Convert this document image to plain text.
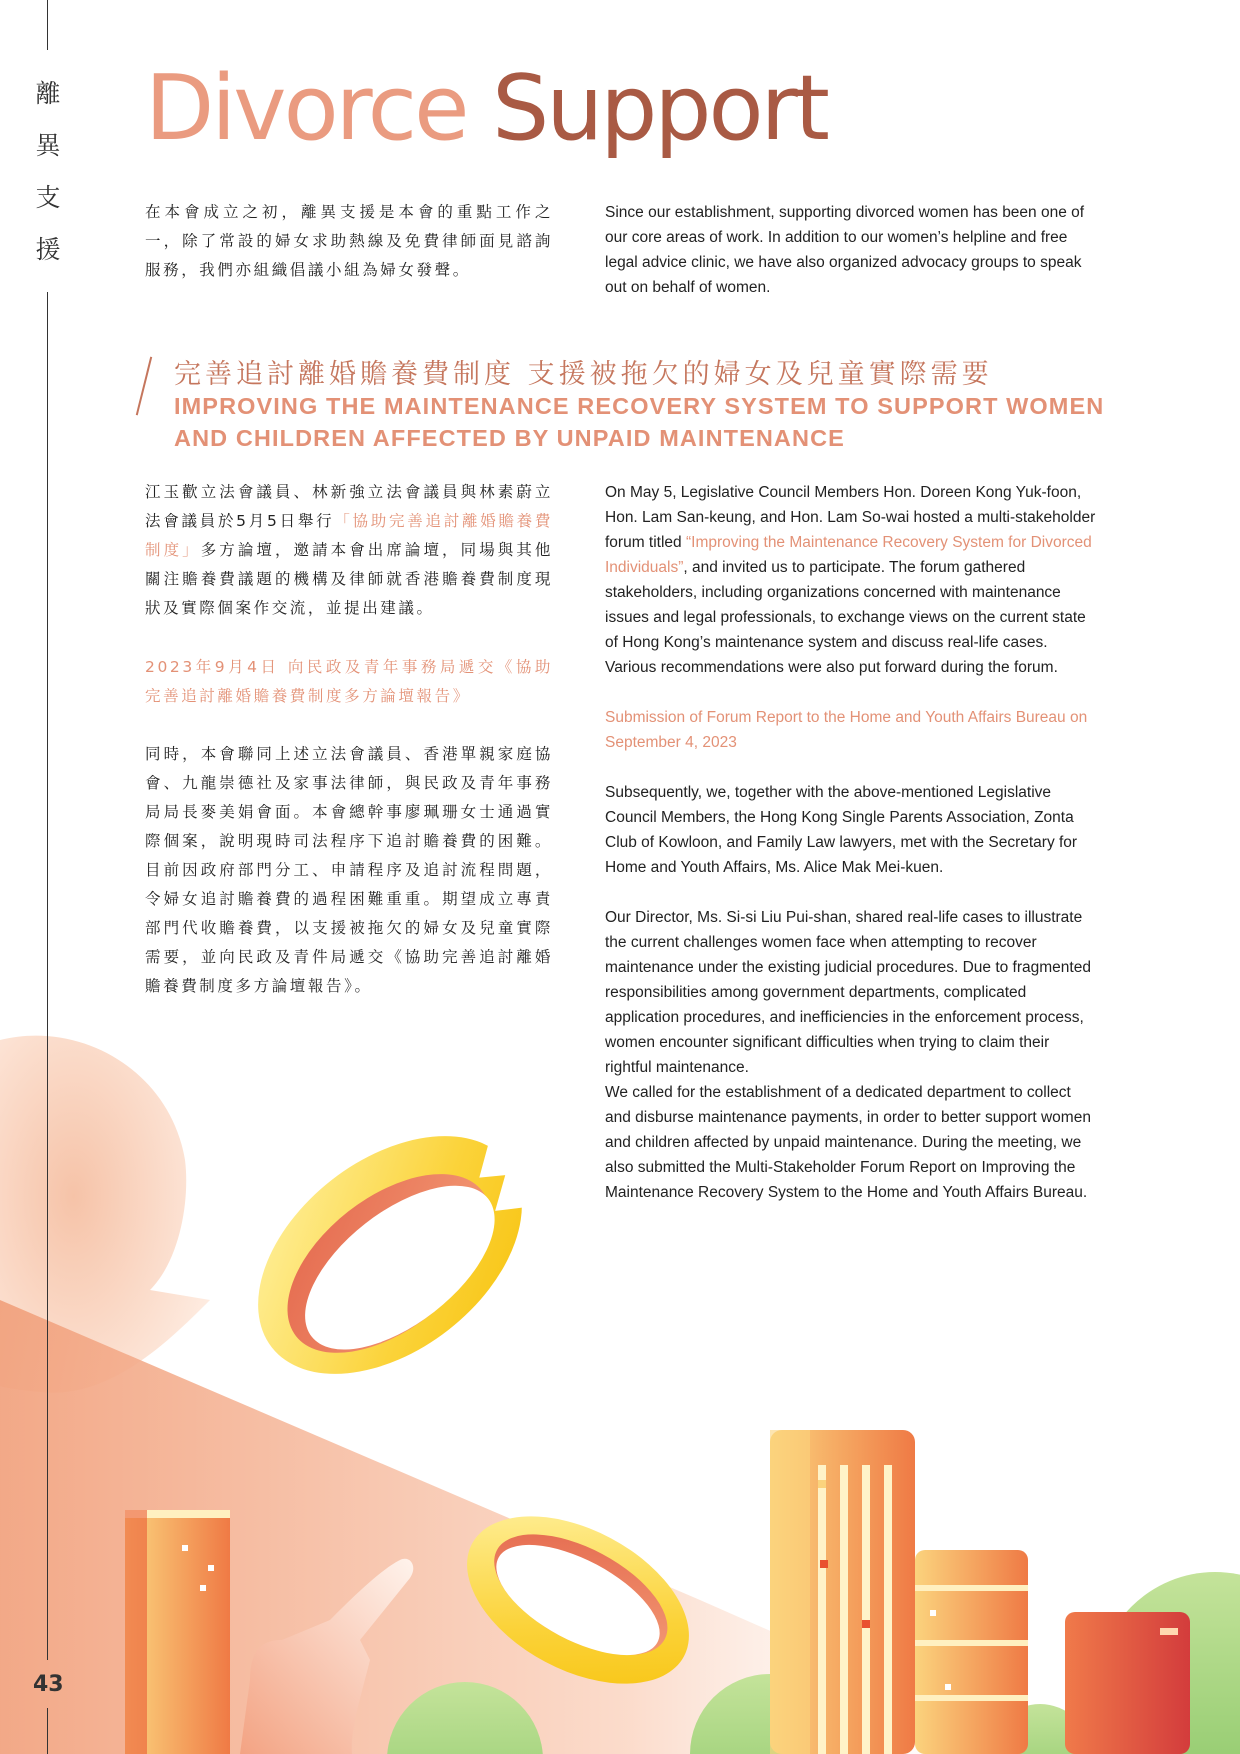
離
異
支
援
43
Divorce Support

在本會成立之初，離異支援是本會的重點工作之一，除了常設的婦女求助熱線及免費律師面見諮詢服務，我們亦組織倡議小組為婦女發聲。

Since our establishment, supporting divorced women has been one of our core areas of work. In addition to our women’s helpline and free legal advice clinic, we have also organized advocacy groups to speak out on behalf of women.

完善追討離婚贍養費制度 支援被拖欠的婦女及兒童實際需要
IMPROVING THE MAINTENANCE RECOVERY SYSTEM TO SUPPORT WOMEN AND CHILDREN AFFECTED BY UNPAID MAINTENANCE

江玉歡立法會議員、林新強立法會議員與林素蔚立法會議員於5月5日舉行「協助完善追討離婚贍養費制度」多方論壇，邀請本會出席論壇，同場與其他關注贍養費議題的機構及律師就香港贍養費制度現狀及實際個案作交流，並提出建議。

2023年9月4日 向民政及青年事務局遞交《協助完善追討離婚贍養費制度多方論壇報告》

同時，本會聯同上述立法會議員、香港單親家庭協會、九龍崇德社及家事法律師，與民政及青年事務局局長麥美娟會面。本會總幹事廖珮珊女士通過實際個案，說明現時司法程序下追討贍養費的困難。目前因政府部門分工、申請程序及追討流程問題，令婦女追討贍養費的過程困難重重。期望成立專責部門代收贍養費，以支援被拖欠的婦女及兒童實際需要，並向民政及青件局遞交《協助完善追討離婚贍養費制度多方論壇報告》。

On May 5, Legislative Council Members Hon. Doreen Kong Yuk-foon, Hon. Lam San-keung, and Hon. Lam So-wai hosted a multi-stakeholder forum titled “Improving the Maintenance Recovery System for Divorced Individuals”, and invited us to participate. The forum gathered stakeholders, including organizations concerned with maintenance issues and legal professionals, to exchange views on the current state of Hong Kong’s maintenance system and discuss real-life cases. Various recommendations were also put forward during the forum.

Submission of Forum Report to the Home and Youth Affairs Bureau on September 4, 2023

Subsequently, we, together with the above-mentioned Legislative Council Members, the Hong Kong Single Parents Association, Zonta Club of Kowloon, and Family Law lawyers, met with the Secretary for Home and Youth Affairs, Ms. Alice Mak Mei-kuen.

Our Director, Ms. Si-si Liu Pui-shan, shared real-life cases to illustrate the current challenges women face when attempting to recover maintenance under the existing judicial procedures. Due to fragmented responsibilities among government departments, complicated application procedures, and inefficiencies in the enforcement process, women encounter significant difficulties when trying to claim their rightful maintenance.

We called for the establishment of a dedicated department to collect and disburse maintenance payments, in order to better support women and children affected by unpaid maintenance. During the meeting, we also submitted the Multi-Stakeholder Forum Report on Improving the Maintenance Recovery System to the Home and Youth Affairs Bureau.
